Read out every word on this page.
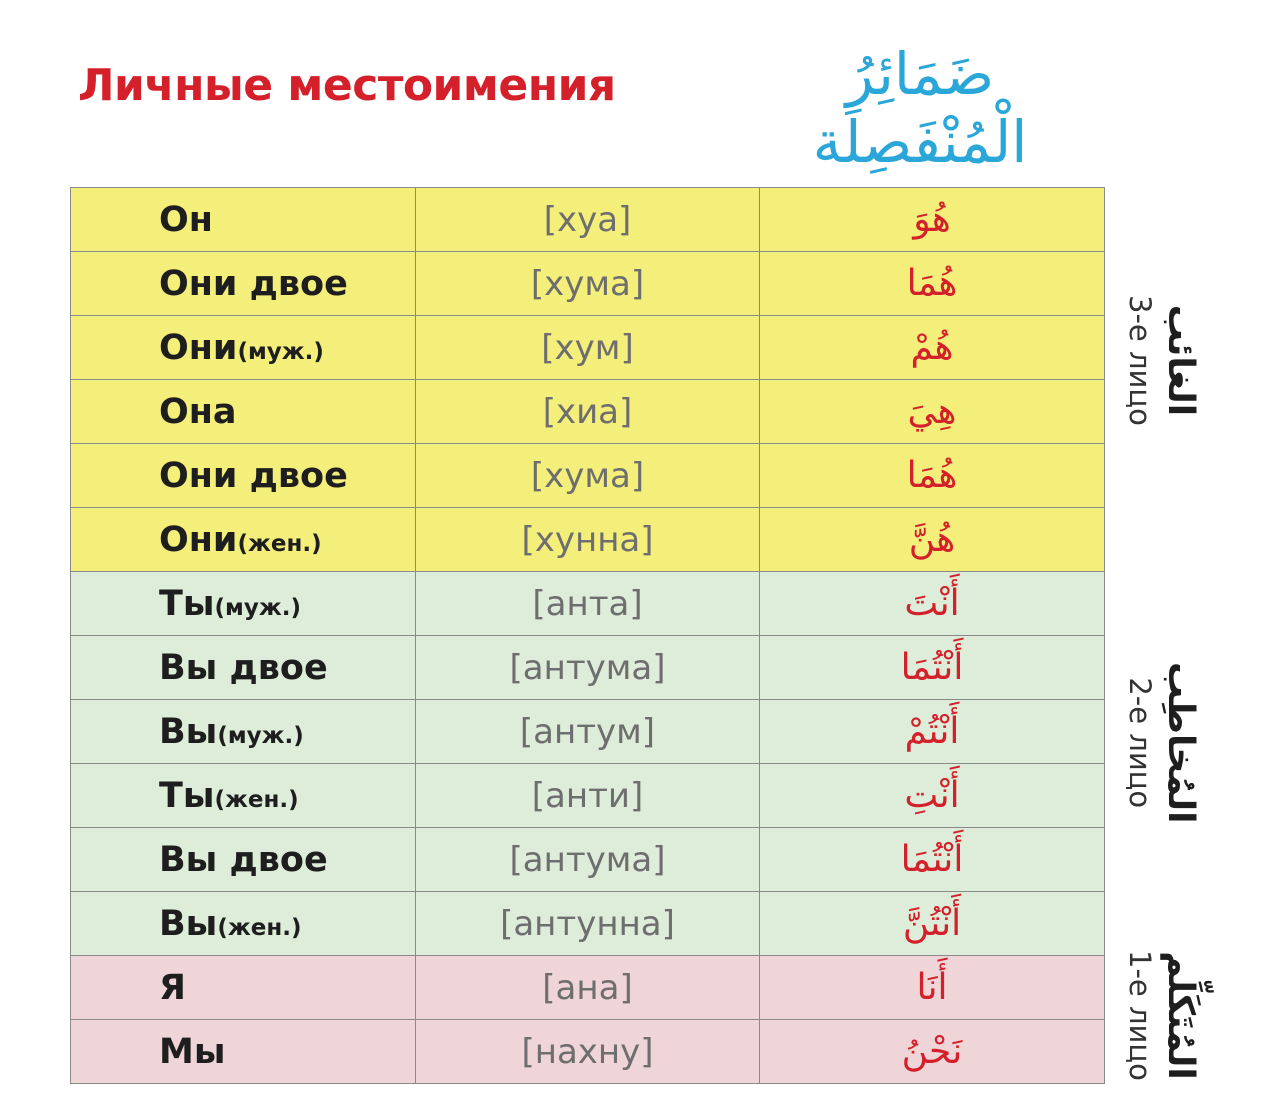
Личные местоимения	ضَمَائِرُ الْمُنْفَصِلَة
Он	[хуа]	هُوَ
Они двое	[хума]	هُمَا
Они(муж.)	[хум]	هُمْ
Она	[хиа]	هِيَ
Они двое	[хума]	هُمَا
Они(жен.)	[хунна]	هُنَّ
Ты(муж.)	[анта]	أَنْتَ
Вы двое	[антума]	أَنْتُمَا
Вы(муж.)	[антум]	أَنْتُمْ
Ты(жен.)	[анти]	أَنْتِ
Вы двое	[антума]	أَنْتُمَا
Вы(жен.)	[антунна]	أَنْتُنَّ
Я	[ана]	أَنَا
Мы	[нахну]	نَحْنُ
الغائب
3-е лицо
المُخاطِب
2-е лицо
المُتَكَلِّم
1-е лицо
